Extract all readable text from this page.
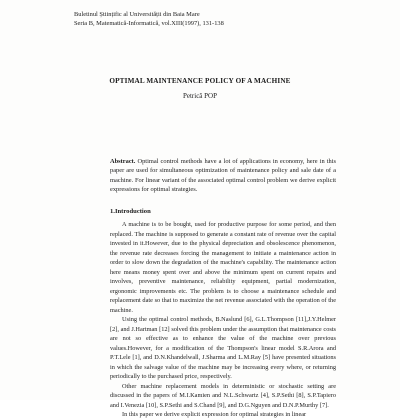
Buletinul Științific al Universității din Baia Mare
Seria B, Matematică-Informatică, vol.XIII(1997), 131-138
OPTIMAL MAINTENANCE POLICY OF A MACHINE
Petrică POP
Abstract. Optimal control methods have a lot of applications in economy, here in this paper are used for simultaneous optimization of maintenance policy and sale date of a machine. For linear variant of the associated optimal control problem we derive explicit expressions for optimal strategies.
1.Introduction

A machine is to be bought, used for productive purpose for some period, and then replaced. The machine is supposed to generate a constant rate of revenue over the capital invested in it.However, due to the physical depreciation and obsolescence phenomenon, the revenue rate decreases forcing the management to initiate a maintenance action in order to slow down the degradation of the machine's capability. The maintenance action here means money spent over and above the minimum spent on current repairs and involves, preventive maintenance, reliability equipment, partial modernization, ergonomic improvements etc. The problem is to choose a maintenance schedule and replacement date so that to maximize the net revenue associated with the operation of the machine.

Using the optimal control methods, B.Naslund [6], G.L.Thompson [11],J.Y.Helmer [2], and J.Hartman [12] solved this problem under the assumption that maintenance costs are not so effective as to enhance the value of the machine over previous values.However, for a modification of the Thompson's linear model S.R.Arora and P.T.Lele [1], and D.N.Khandelwall, J.Sharma and L.M.Ray [5] have presented situations in which the salvage value of the machine may be increasing every where, or returning periodically to the purchased price, respectively.

Other machine replacement models in deterministic or stochastic setting are discussed in the papers of M.I.Kamien and N.L.Schwartz [4], S.P.Sethi [8], S.P.Tapiero and I.Venezia [10], S.P.Sethi and S.Chand [9], and D.G.Nguyen and D.N.P.Murthy [7].

In this paper we derive explicit expression for optimal strategies in linear
